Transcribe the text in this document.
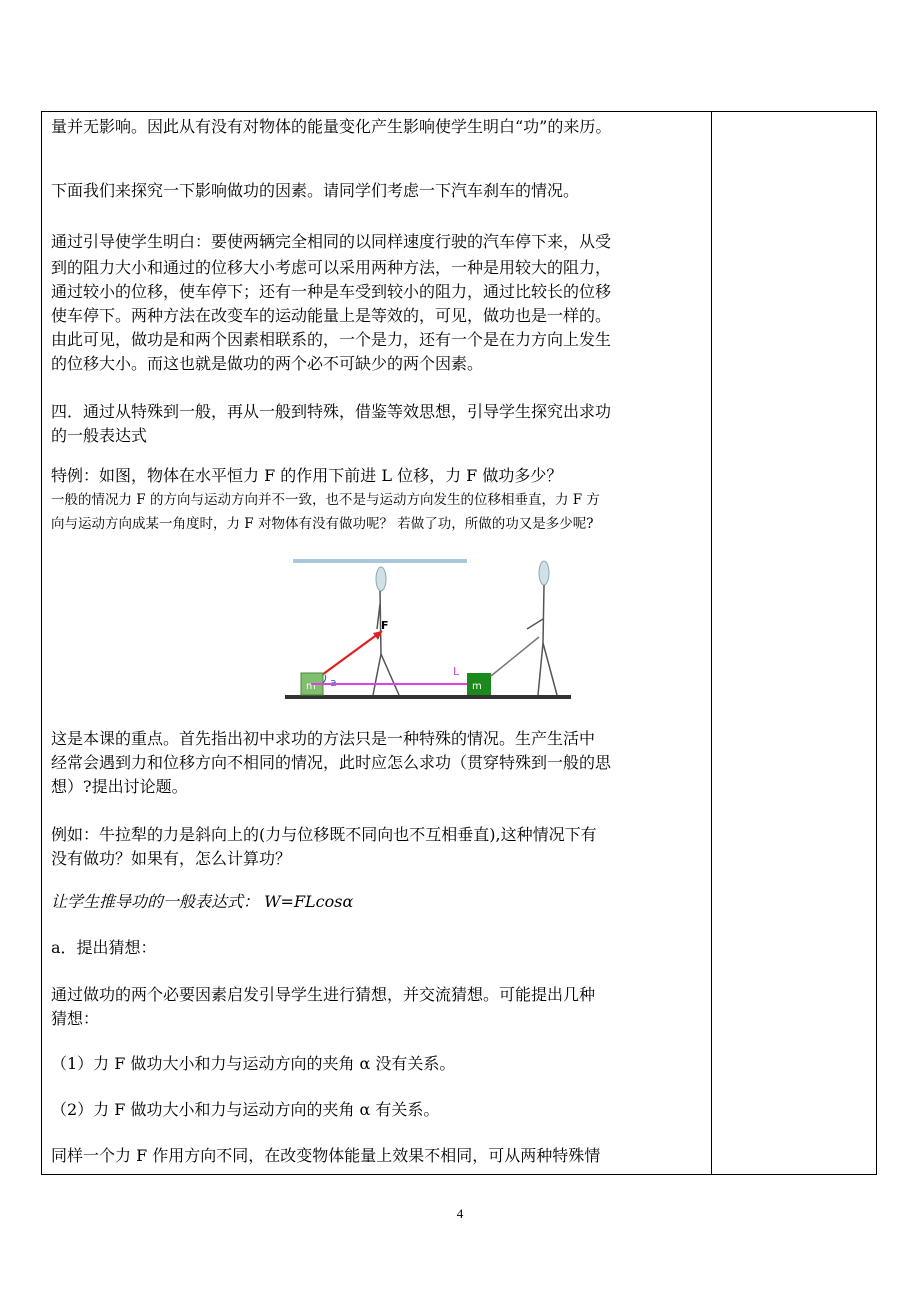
量并无影响。因此从有没有对物体的能量变化产生影响使学生明白“功”的来历。
下面我们来探究一下影响做功的因素。请同学们考虑一下汽车刹车的情况。
通过引导使学生明白：要使两辆完全相同的以同样速度行驶的汽车停下来，从受
到的阻力大小和通过的位移大小考虑可以采用两种方法，一种是用较大的阻力，
通过较小的位移，使车停下；还有一种是车受到较小的阻力，通过比较长的位移
使车停下。两种方法在改变车的运动能量上是等效的，可见，做功也是一样的。
由此可见，做功是和两个因素相联系的，一个是力，还有一个是在力方向上发生
的位移大小。而这也就是做功的两个必不可缺少的两个因素。
四．通过从特殊到一般，再从一般到特殊，借鉴等效思想，引导学生探究出求功
的一般表达式
特例：如图，物体在水平恒力 F 的作用下前进 L 位移，力 F 做功多少？
一般的情况力 F 的方向与运动方向并不一致，也不是与运动方向发生的位移相垂直，力 F 方
向与运动方向成某一角度时，力 F 对物体有没有做功呢？ 若做了功，所做的功又是多少呢?
这是本课的重点。首先指出初中求功的方法只是一种特殊的情况。生产生活中
经常会遇到力和位移方向不相同的情况，此时应怎么求功（贯穿特殊到一般的思
想）?提出讨论题。
例如：牛拉犁的力是斜向上的(力与位移既不同向也不互相垂直),这种情况下有
没有做功？如果有，怎么计算功？
让学生推导功的一般表达式： W=FLcosα
a．提出猜想：
通过做功的两个必要因素启发引导学生进行猜想，并交流猜想。可能提出几种
猜想：
（1）力 F 做功大小和力与运动方向的夹角 α 没有关系。
（2）力 F 做功大小和力与运动方向的夹角 α 有关系。
同样一个力 F 作用方向不同，在改变物体能量上效果不相同，可从两种特殊情
F
m a
L
m
4
